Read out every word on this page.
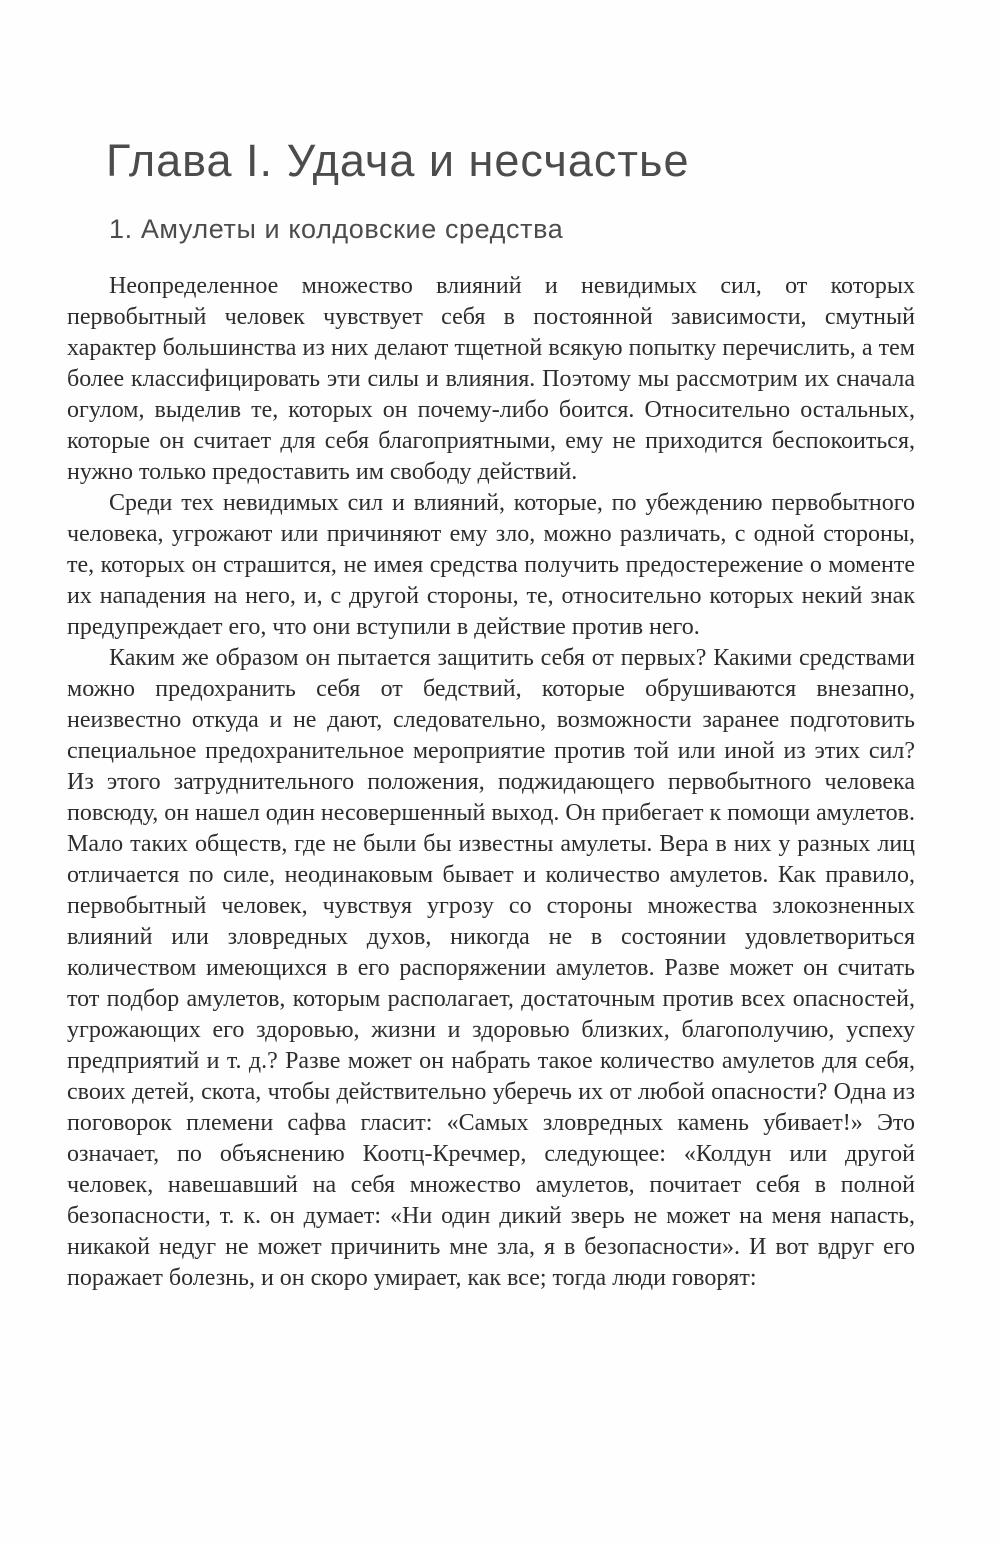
Глава I. Удача и несчастье
1. Амулеты и колдовские средства

Неопределенное множество влияний и невидимых сил, от которых первобытный человек чувствует себя в постоянной зависимости, смутный характер большинства из них делают тщетной всякую попытку перечислить, а тем более классифицировать эти силы и влияния. Поэтому мы рассмотрим их сначала огулом, выделив те, которых он почему-либо боится. Относительно остальных, которые он считает для себя благоприятными, ему не приходится беспокоиться, нужно только предоставить им свободу действий.

Среди тех невидимых сил и влияний, которые, по убеждению первобытного человека, угрожают или причиняют ему зло, можно различать, с одной стороны, те, которых он страшится, не имея средства получить предостережение о моменте их нападения на него, и, с другой стороны, те, относительно которых некий знак предупреждает его, что они вступили в действие против него.

Каким же образом он пытается защитить себя от первых? Какими средствами можно предохранить себя от бедствий, которые обрушиваются внезапно, неизвестно откуда и не дают, следовательно, возможности заранее подготовить специальное предохранительное мероприятие против той или иной из этих сил? Из этого затруднительного положения, поджидающего первобытного человека повсюду, он нашел один несовершенный выход. Он прибегает к помощи амулетов. Мало таких обществ, где не были бы известны амулеты. Вера в них у разных лиц отличается по силе, неодинаковым бывает и количество амулетов. Как правило, первобытный человек, чувствуя угрозу со стороны множества злокозненных влияний или зловредных духов, никогда не в состоянии удовлетвориться количеством имеющихся в его распоряжении амулетов. Разве может он считать тот подбор амулетов, которым располагает, достаточным против всех опасностей, угрожающих его здоровью, жизни и здоровью близких, благополучию, успеху предприятий и т. д.? Разве может он набрать такое количество амулетов для себя, своих детей, скота, чтобы действительно уберечь их от любой опасности? Одна из поговорок племени сафва гласит: «Самых зловредных камень убивает!» Это означает, по объяснению Коотц-Кречмер, следующее: «Колдун или другой человек, навешавший на себя множество амулетов, почитает себя в полной безопасности, т. к. он думает: «Ни один дикий зверь не может на меня напасть, никакой недуг не может причинить мне зла, я в безопасности». И вот вдруг его поражает болезнь, и он скоро умирает, как все; тогда люди говорят:
